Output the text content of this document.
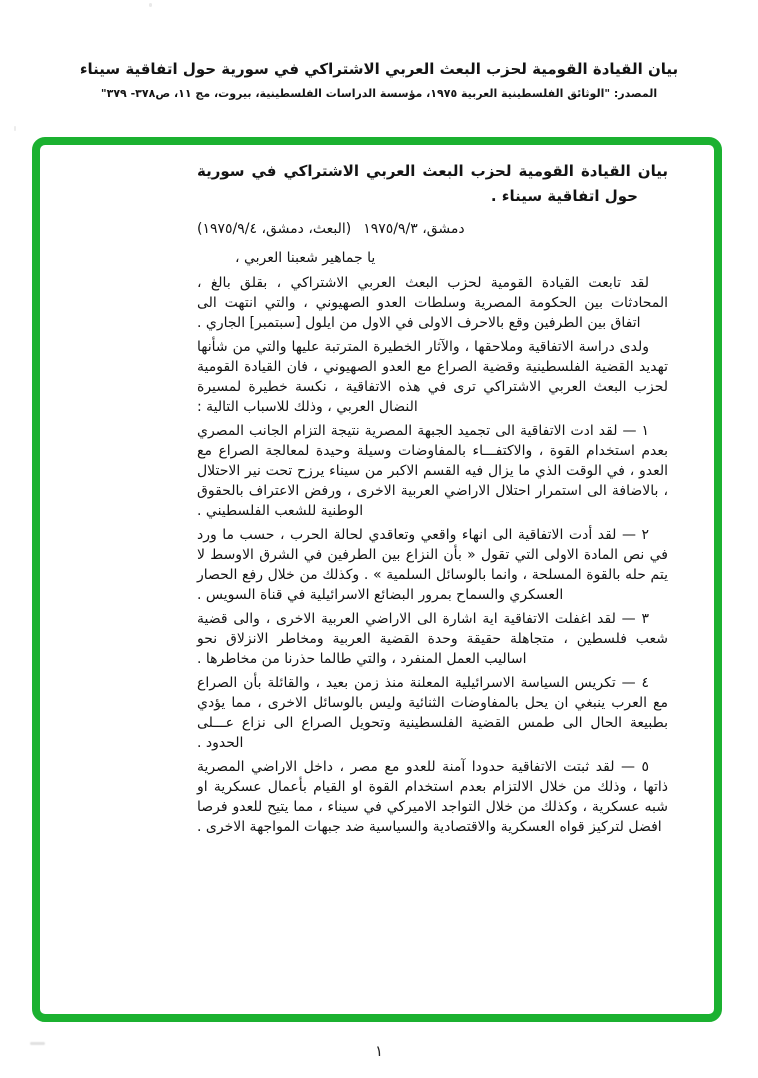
بيان القيادة القومية لحزب البعث العربي الاشتراكي في سورية حول اتفاقية سيناء
المصدر: "الوثائق الفلسطينية العربية ١٩٧٥، مؤسسة الدراسات الفلسطينية، بيروت، مج ١١، ص٣٧٨- ٣٧٩"
بيان القيادة القومية لحزب البعث العربي الاشتراكي في سورية
حول اتفاقية سيناء .
دمشق، ١٩٧٥/٩/٣
(البعث، دمشق، ١٩٧٥/٩/٤)

يا جماهير شعبنا العربي ،

لقد تابعت القيادة القومية لحزب البعث العربي الاشتراكي ، بقلق بالغ ، المحادثات بين الحكومة المصرية وسلطات العدو الصهيوني ، والتي انتهت الى اتفاق بين الطرفين وقع بالاحرف الاولى في الاول من ايلول [سبتمبر] الجاري .

ولدى دراسة الاتفاقية وملاحقها ، والآثار الخطيرة المترتبة عليها والتي من شأنها تهديد القضية الفلسطينية وقضية الصراع مع العدو الصهيوني ، فان القيادة القومية لحزب البعث العربي الاشتراكي ترى في هذه الاتفاقية ، نكسة خطيرة لمسيرة النضال العربي ، وذلك للاسباب التالية :

١ — لقد ادت الاتفاقية الى تجميد الجبهة المصرية نتيجة التزام الجانب المصري بعدم استخدام القوة ، والاكتفـــاء بالمفاوضات وسيلة وحيدة لمعالجة الصراع مع العدو ، في الوقت الذي ما يزال فيه القسم الاكبر من سيناء يرزح تحت نير الاحتلال ، بالاضافة الى استمرار احتلال الاراضي العربية الاخرى ، ورفض الاعتراف بالحقوق الوطنية للشعب الفلسطيني .

٢ — لقد أدت الاتفاقية الى انهاء واقعي وتعاقدي لحالة الحرب ، حسب ما ورد في نص المادة الاولى التي تقول « بأن النزاع بين الطرفين في الشرق الاوسط لا يتم حله بالقوة المسلحة ، وانما بالوسائل السلمية » . وكذلك من خلال رفع الحصار العسكري والسماح بمرور البضائع الاسرائيلية في قناة السويس .

٣ — لقد اغفلت الاتفاقية اية اشارة الى الاراضي العربية الاخرى ، والى قضية شعب فلسطين ، متجاهلة حقيقة وحدة القضية العربية ومخاطر الانزلاق نحو اساليب العمل المنفرد ، والتي طالما حذرنا من مخاطرها .

٤ — تكريس السياسة الاسرائيلية المعلنة منذ زمن بعيد ، والقائلة بأن الصراع مع العرب ينبغي ان يحل بالمفاوضات الثنائية وليس بالوسائل الاخرى ، مما يؤدي بطبيعة الحال الى طمس القضية الفلسطينية وتحويل الصراع الى نزاع عـــلى الحدود .

٥ — لقد ثبتت الاتفاقية حدودا آمنة للعدو مع مصر ، داخل الاراضي المصرية ذاتها ، وذلك من خلال الالتزام بعدم استخدام القوة او القيام بأعمال عسكرية او شبه عسكرية ، وكذلك من خلال التواجد الاميركي في سيناء ، مما يتيح للعدو فرصا افضل لتركيز قواه العسكرية والاقتصادية والسياسية ضد جبهات المواجهة الاخرى .

١
